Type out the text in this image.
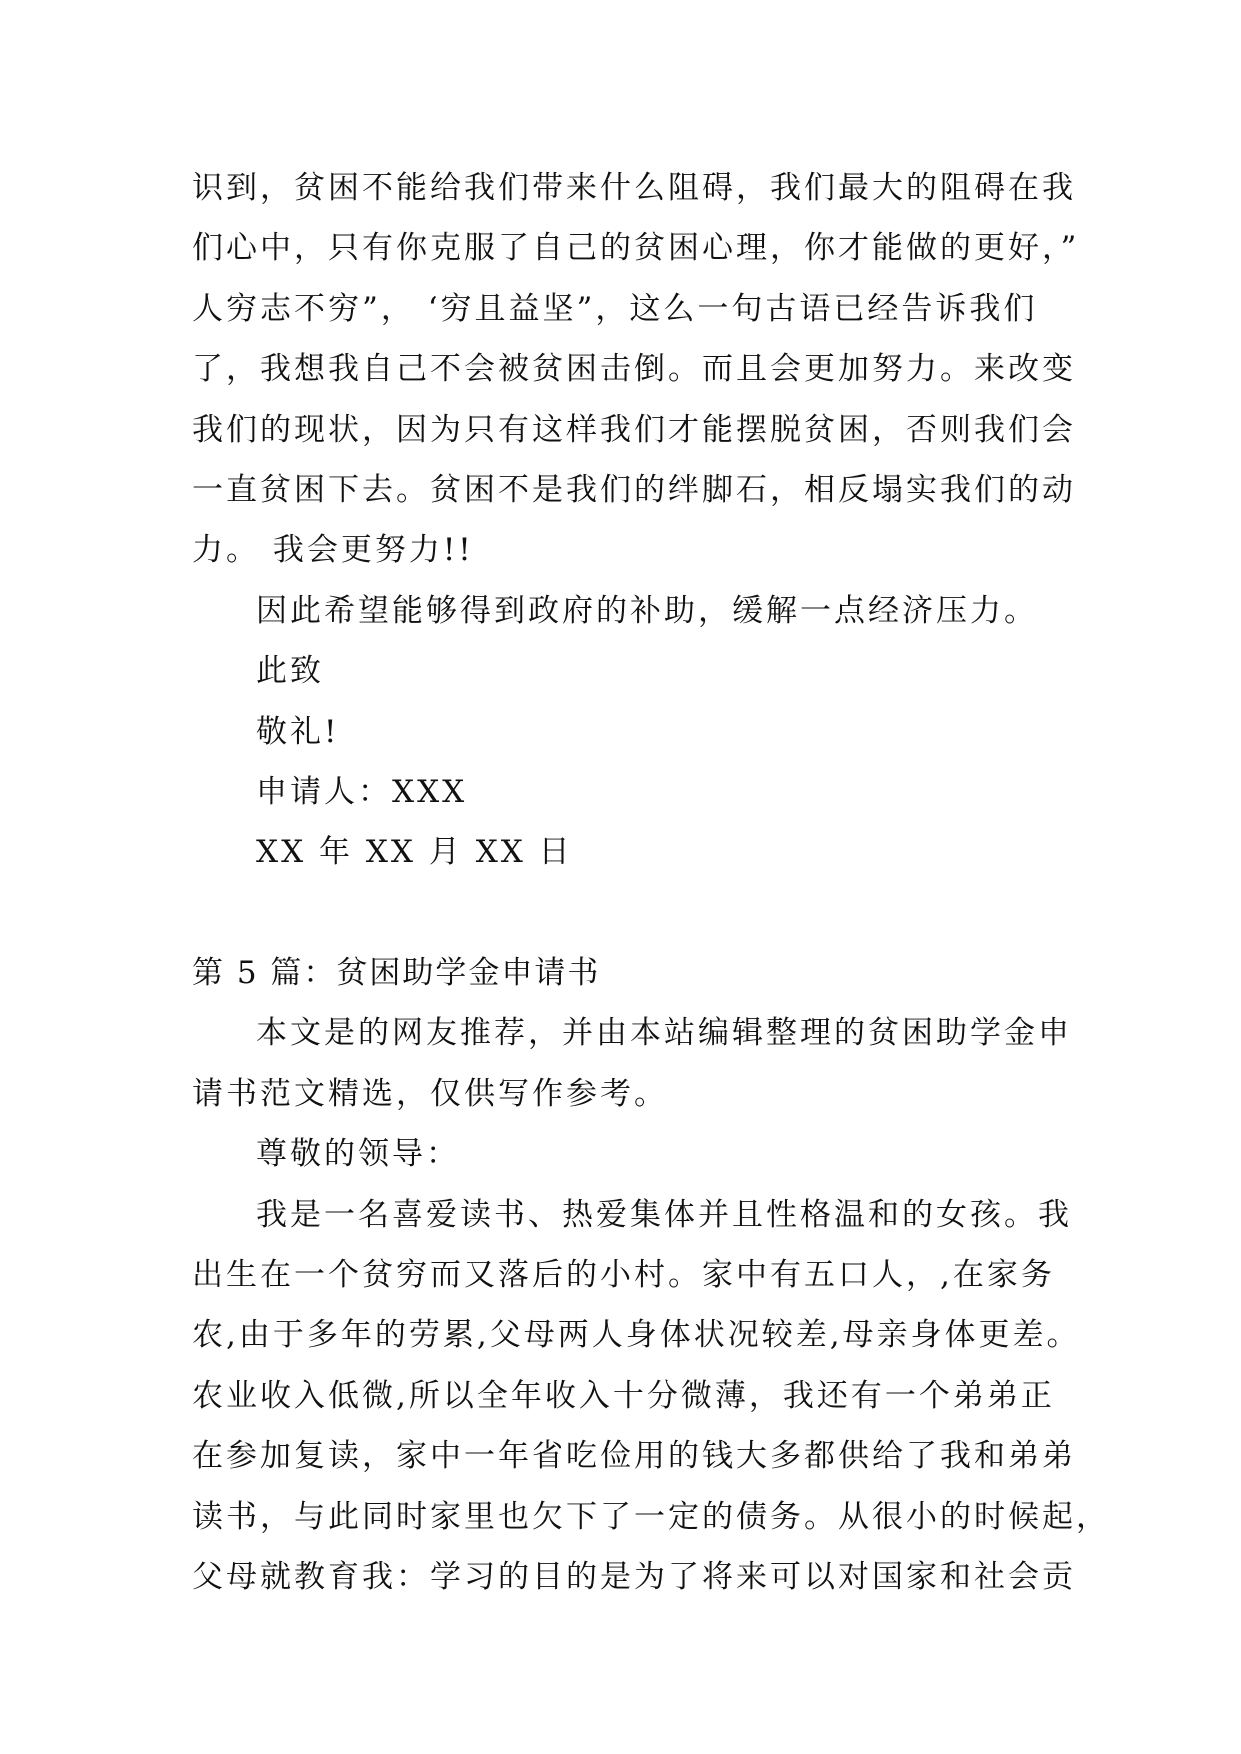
识到，贫困不能给我们带来什么阻碍，我们最大的阻碍在我
们心中，只有你克服了自己的贫困心理，你才能做的更好，”
人穷志不穷”， ‘穷且益坚”，这么一句古语已经告诉我们
了，我想我自己不会被贫困击倒。而且会更加努力。来改变
我们的现状，因为只有这样我们才能摆脱贫困，否则我们会
一直贫困下去。贫困不是我们的绊脚石，相反塌实我们的动
力。 我会更努力!!
因此希望能够得到政府的补助，缓解一点经济压力。
此致
敬礼!
申请人：XXX
XX 年 XX 月 XX 日
第 5 篇：贫困助学金申请书
本文是的网友推荐，并由本站编辑整理的贫困助学金申
请书范文精选，仅供写作参考。
尊敬的领导：
我是一名喜爱读书、热爱集体并且性格温和的女孩。我
出生在一个贫穷而又落后的小村。家中有五口人，,在家务
农,由于多年的劳累,父母两人身体状况较差,母亲身体更差。
农业收入低微,所以全年收入十分微薄，我还有一个弟弟正
在参加复读，家中一年省吃俭用的钱大多都供给了我和弟弟
读书，与此同时家里也欠下了一定的债务。从很小的时候起，
父母就教育我：学习的目的是为了将来可以对国家和社会贡
